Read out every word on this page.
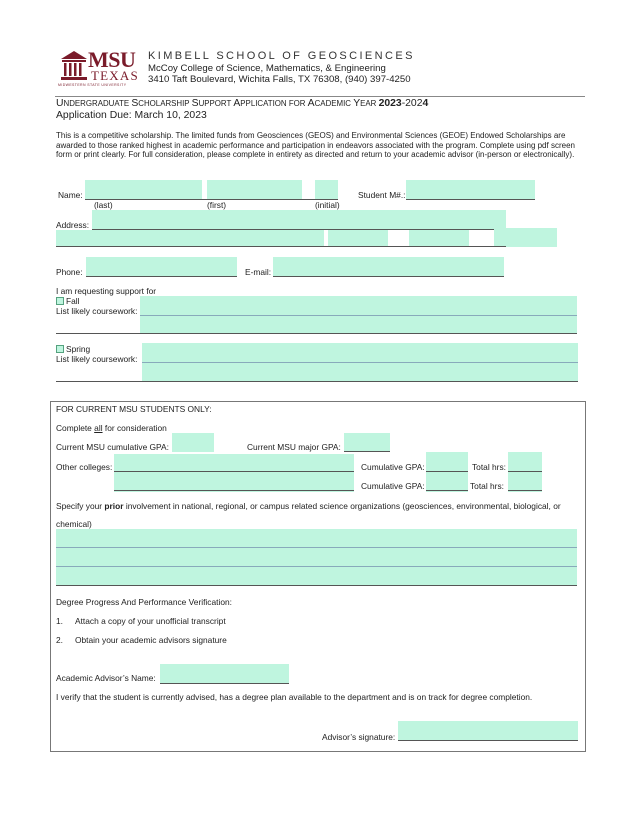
MSU
TEXAS
MIDWESTERN STATE UNIVERSITY
KIMBELL SCHOOL OF GEOSCIENCES
McCoy College of Science, Mathematics, & Engineering
3410 Taft Boulevard, Wichita Falls, TX 76308, (940) 397-4250
UNDERGRADUATE SCHOLARSHIP SUPPORT APPLICATION FOR ACADEMIC YEAR 2023-2024
Application Due: March 10, 2023
This is a competitive scholarship. The limited funds from Geosciences (GEOS) and Environmental Sciences (GEOE) Endowed Scholarships are awarded to those ranked highest in academic performance and participation in endeavors associated with the program. Complete using pdf screen form or print clearly. For full consideration, please complete in entirety as directed and return to your academic advisor (in-person or electronically).
Name:
(last)	(first)	(initial)
Student M#.:
Address:
Phone:	E-mail:
I am requesting support for
Fall
List likely coursework:
Spring
List likely coursework:
FOR CURRENT MSU STUDENTS ONLY:
Complete all for consideration
Current MSU cumulative GPA:	Current MSU major GPA:
Other colleges:	Cumulative GPA:	Total hrs:
Cumulative GPA:	Total hrs:
Specify your prior involvement in national, regional, or campus related science organizations (geosciences, environmental, biological, or
chemical)
Degree Progress And Performance Verification:
1. Attach a copy of your unofficial transcript
2. Obtain your academic advisors signature
Academic Advisor’s Name:
I verify that the student is currently advised, has a degree plan available to the department and is on track for degree completion.
Advisor’s signature:
